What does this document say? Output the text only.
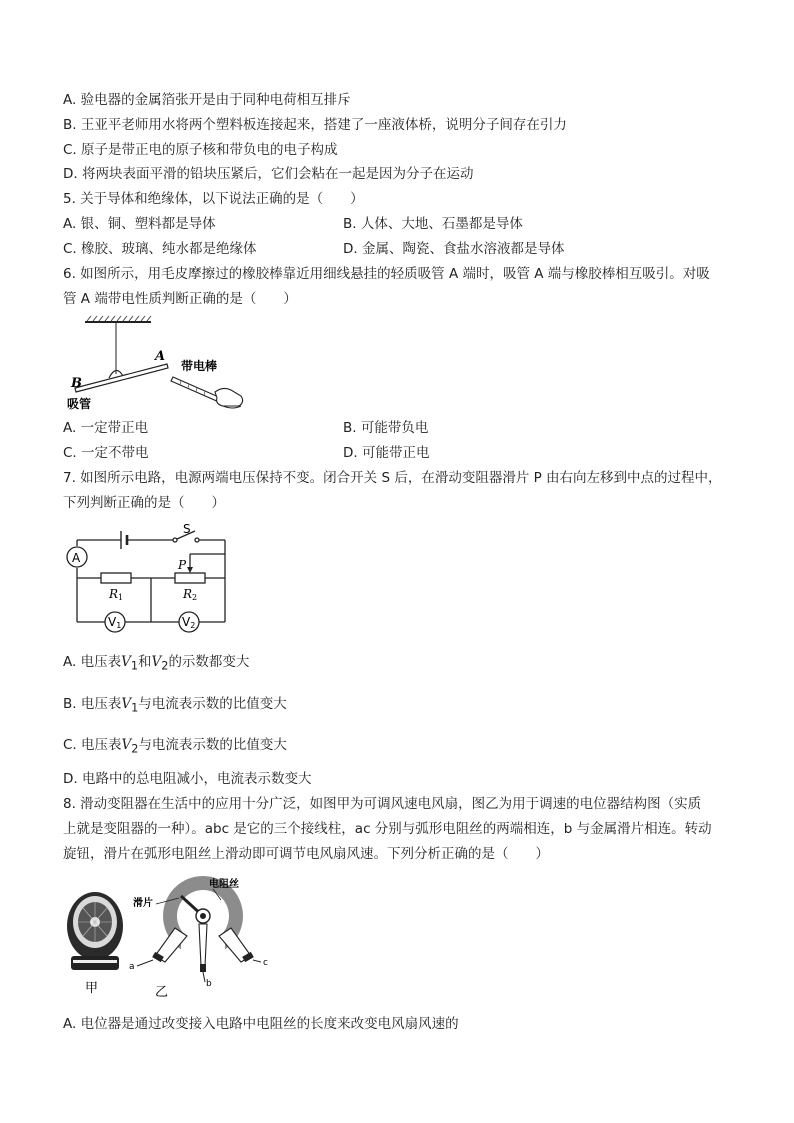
A. 验电器的金属箔张开是由于同种电荷相互排斥
B. 王亚平老师用水将两个塑料板连接起来，搭建了一座液体桥，说明分子间存在引力
C. 原子是带正电的原子核和带负电的电子构成
D. 将两块表面平滑的铅块压紧后，它们会粘在一起是因为分子在运动
5. 关于导体和绝缘体，以下说法正确的是（　　）
A. 银、铜、塑料都是导体	B. 人体、大地、石墨都是导体
C. 橡胶、玻璃、纯水都是绝缘体	D. 金属、陶瓷、食盐水溶液都是导体
6. 如图所示，用毛皮摩擦过的橡胶棒靠近用细线悬挂的轻质吸管 A 端时，吸管 A 端与橡胶棒相互吸引。对吸
管 A 端带电性质判断正确的是（　　）
A
B
吸管
带电棒
A. 一定带正电	B. 可能带负电
C. 一定不带电	D. 可能带正电
7. 如图所示电路，电源两端电压保持不变。闭合开关 S 后，在滑动变阻器滑片 P 由右向左移到中点的过程中，
下列判断正确的是（　　）
A
S
P
R1	R2
V1	V2
A. 电压表$V_1$和$V_2$的示数都变大
B. 电压表$V_1$与电流表示数的比值变大
C. 电压表$V_2$与电流表示数的比值变大
D. 电路中的总电阻减小，电流表示数变大
8. 滑动变阻器在生活中的应用十分广泛，如图甲为可调风速电风扇，图乙为用于调速的电位器结构图（实质
上就是变阻器的一种）。abc 是它的三个接线柱，ac 分别与弧形电阻丝的两端相连，b 与金属滑片相连。转动
旋钮，滑片在弧形电阻丝上滑动即可调节电风扇风速。下列分析正确的是（　　）
甲
电阻丝
滑片
a
b
c
乙
A. 电位器是通过改变接入电路中电阻丝的长度来改变电风扇风速的
